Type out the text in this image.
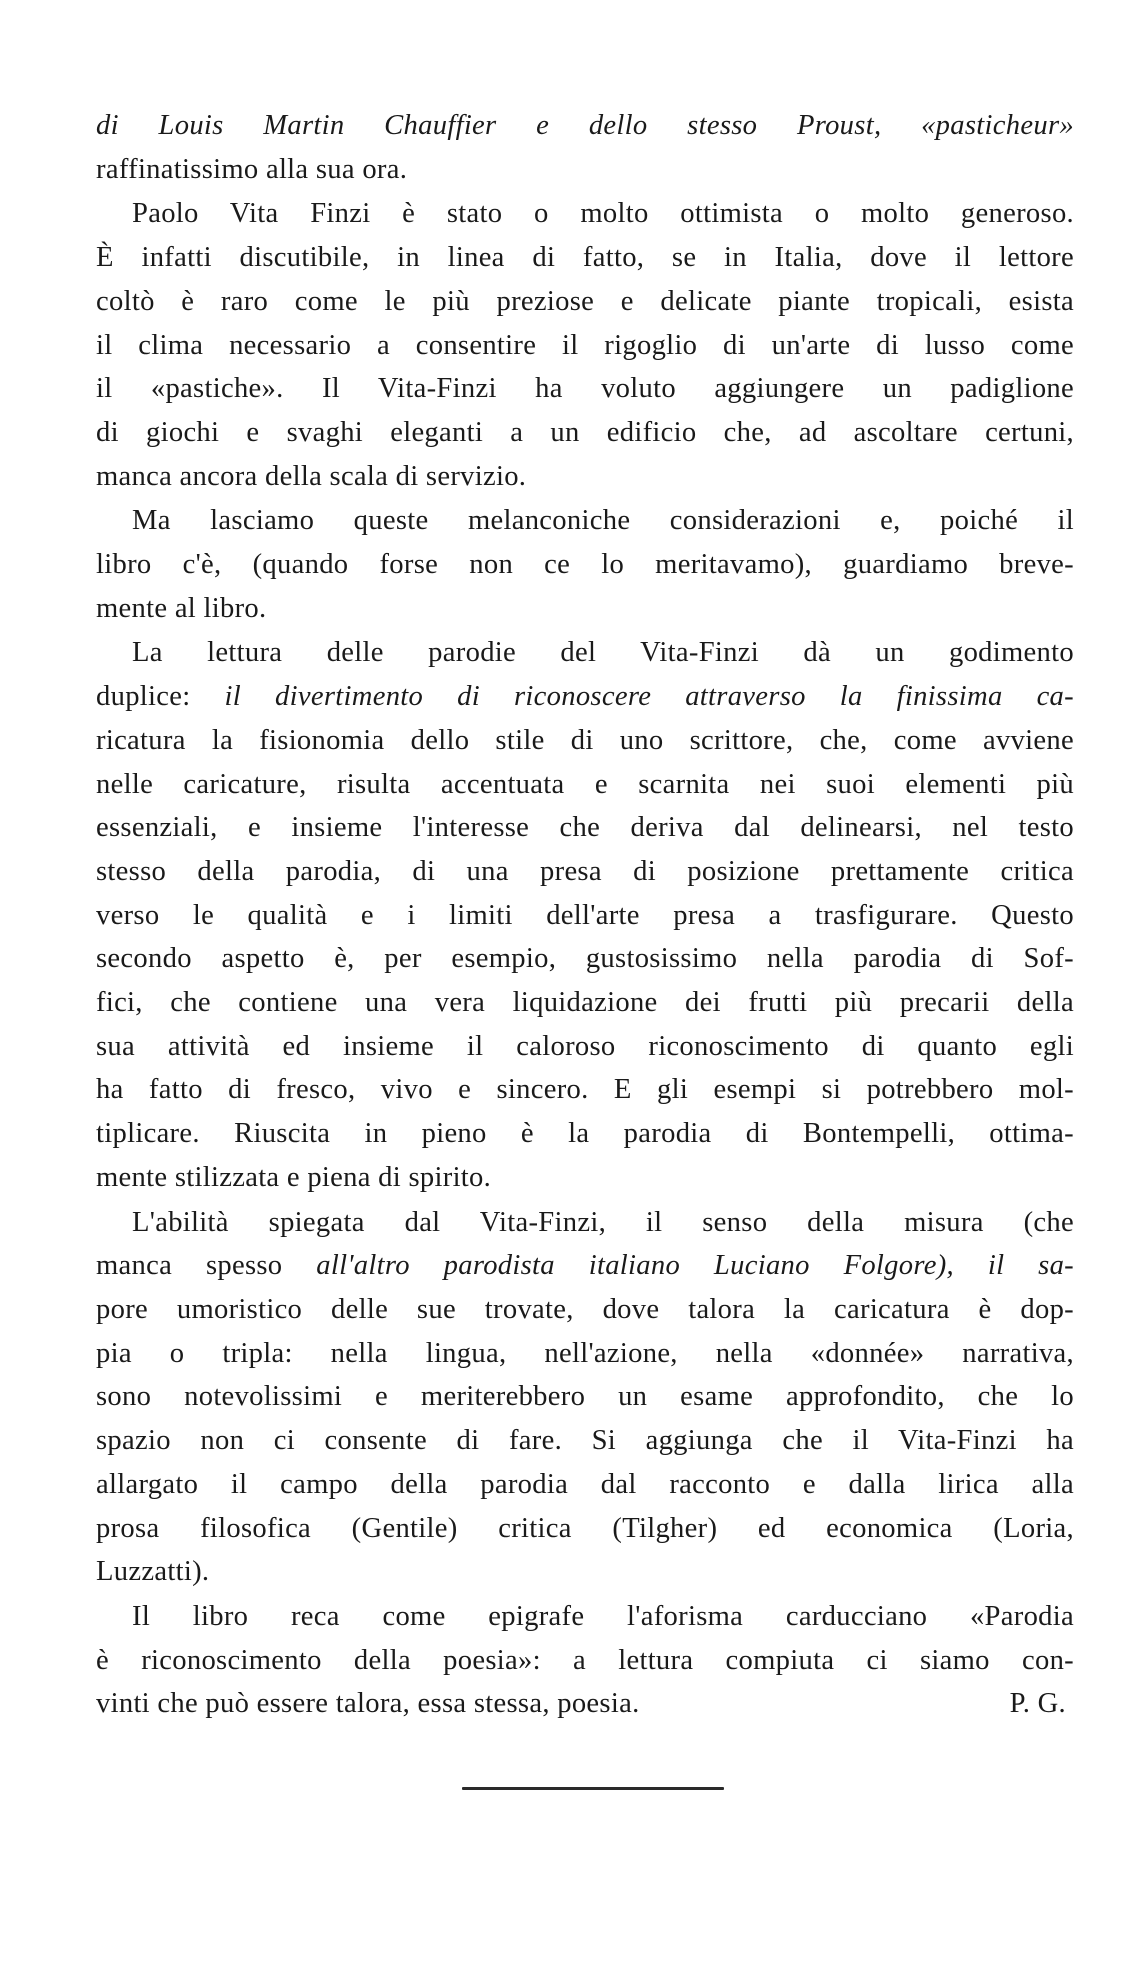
di Louis Martin Chauffier e dello stesso Proust, «pasticheur»
raffinatissimo alla sua ora.

Paolo Vita Finzi è stato o molto ottimista o molto generoso.
È infatti discutibile, in linea di fatto, se in Italia, dove il lettore
coltò è raro come le più preziose e delicate piante tropicali, esista
il clima necessario a consentire il rigoglio di un'arte di lusso come
il «pastiche». Il Vita-Finzi ha voluto aggiungere un padiglione
di giochi e svaghi eleganti a un edificio che, ad ascoltare certuni,
manca ancora della scala di servizio.

Ma lasciamo queste melanconiche considerazioni e, poiché il
libro c'è, (quando forse non ce lo meritavamo), guardiamo breve-
mente al libro.

La lettura delle parodie del Vita-Finzi dà un godimento
duplice: il divertimento di riconoscere attraverso la finissima ca-
ricatura la fisionomia dello stile di uno scrittore, che, come avviene
nelle caricature, risulta accentuata e scarnita nei suoi elementi più
essenziali, e insieme l'interesse che deriva dal delinearsi, nel testo
stesso della parodia, di una presa di posizione prettamente critica
verso le qualità e i limiti dell'arte presa a trasfigurare. Questo
secondo aspetto è, per esempio, gustosissimo nella parodia di Sof-
fici, che contiene una vera liquidazione dei frutti più precarii della
sua attività ed insieme il caloroso riconoscimento di quanto egli
ha fatto di fresco, vivo e sincero. E gli esempi si potrebbero mol-
tiplicare. Riuscita in pieno è la parodia di Bontempelli, ottima-
mente stilizzata e piena di spirito.

L'abilità spiegata dal Vita-Finzi, il senso della misura (che
manca spesso all'altro parodista italiano Luciano Folgore), il sa-
pore umoristico delle sue trovate, dove talora la caricatura è dop-
pia o tripla: nella lingua, nell'azione, nella «donnée» narrativa,
sono notevolissimi e meriterebbero un esame approfondito, che lo
spazio non ci consente di fare. Si aggiunga che il Vita-Finzi ha
allargato il campo della parodia dal racconto e dalla lirica alla
prosa filosofica (Gentile) critica (Tilgher) ed economica (Loria,
Luzzatti).

Il libro reca come epigrafe l'aforisma carducciano «Parodia
è riconoscimento della poesia»: a lettura compiuta ci siamo con-
vinti che può essere talora, essa stessa, poesia.	P. G.
